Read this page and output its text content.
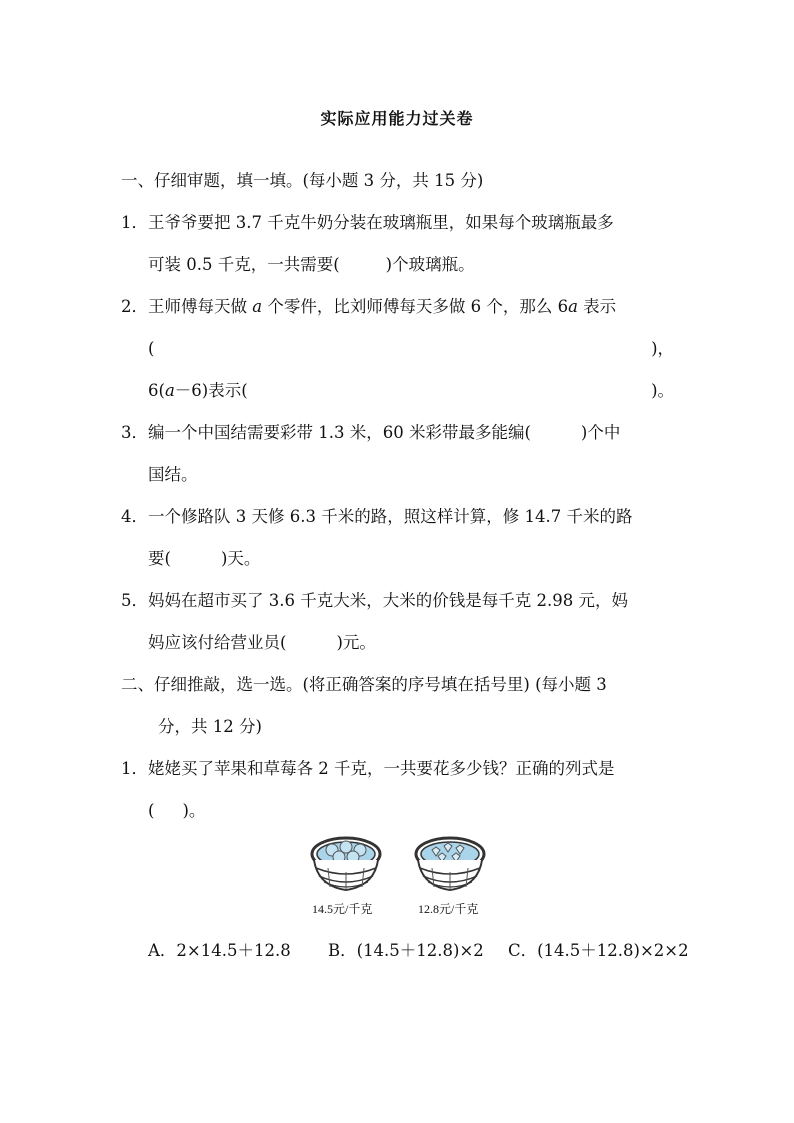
实际应用能力过关卷
一、仔细审题，填一填。(每小题 3 分，共 15 分)
1． 王爷爷要把 3.7 千克牛奶分装在玻璃瓶里，如果每个玻璃瓶最多
可装 0.5 千克，一共需要(	)个玻璃瓶。
2． 王师傅每天做 a 个零件，比刘师傅每天多做 6 个，那么 6a 表示
(	)，
6(a－6)表示(	)。
3． 编一个中国结需要彩带 1.3 米，60 米彩带最多能编(	)个中
国结。
4． 一个修路队 3 天修 6.3 千米的路，照这样计算，修 14.7 千米的路
要(	)天。
5． 妈妈在超市买了 3.6 千克大米，大米的价钱是每千克 2.98 元，妈
妈应该付给营业员(	)元。
二、仔细推敲，选一选。(将正确答案的序号填在括号里) (每小题 3
分，共 12 分)
1． 姥姥买了苹果和草莓各 2 千克，一共要花多少钱？正确的列式是
( )。
14.5元/千克	12.8元/千克
A．2×14.5＋12.8 B．(14.5＋12.8)×2 C．(14.5＋12.8)×2×2
